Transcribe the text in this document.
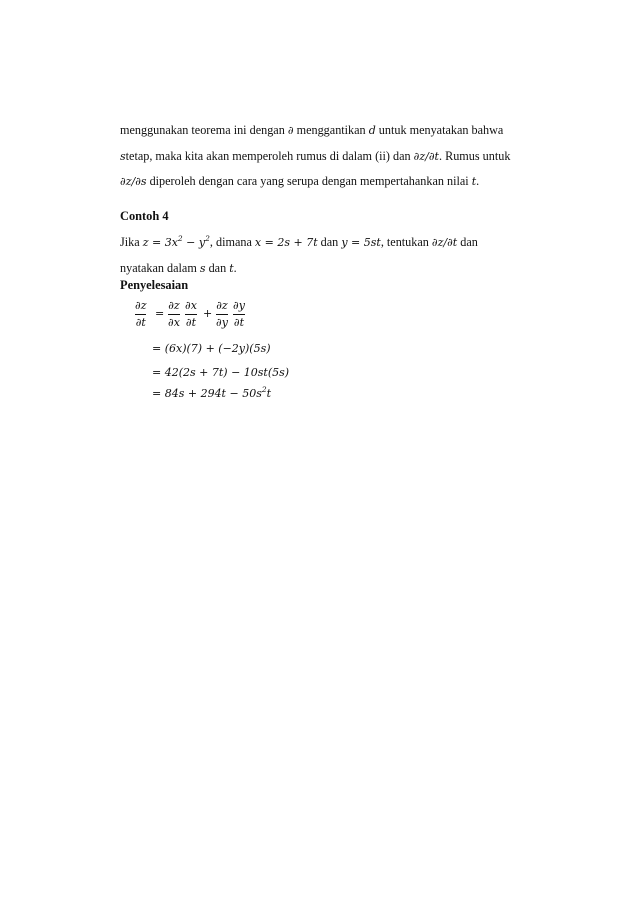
menggunakan teorema ini dengan ∂ menggantikan d untuk menyatakan bahwa
stetap, maka kita akan memperoleh rumus di dalam (ii) dan ∂z/∂t. Rumus untuk
∂z/∂s diperoleh dengan cara yang serupa dengan mempertahankan nilai t.

Contoh 4

Jika $z = 3x^2 - y^2$, dimana x = 2s + 7t dan y = 5st, tentukan ∂z/∂t dan
nyatakan dalam s dan t.

Penyelesaian

∂z
∂t
=
∂z
∂x
∂x
∂t
+
∂z
∂y
∂y
∂t
= (6x)(7) + (−2y)(5s)
= 42(2s + 7t) − 10st(5s)
= $84s + 294t - 50s^2t$
